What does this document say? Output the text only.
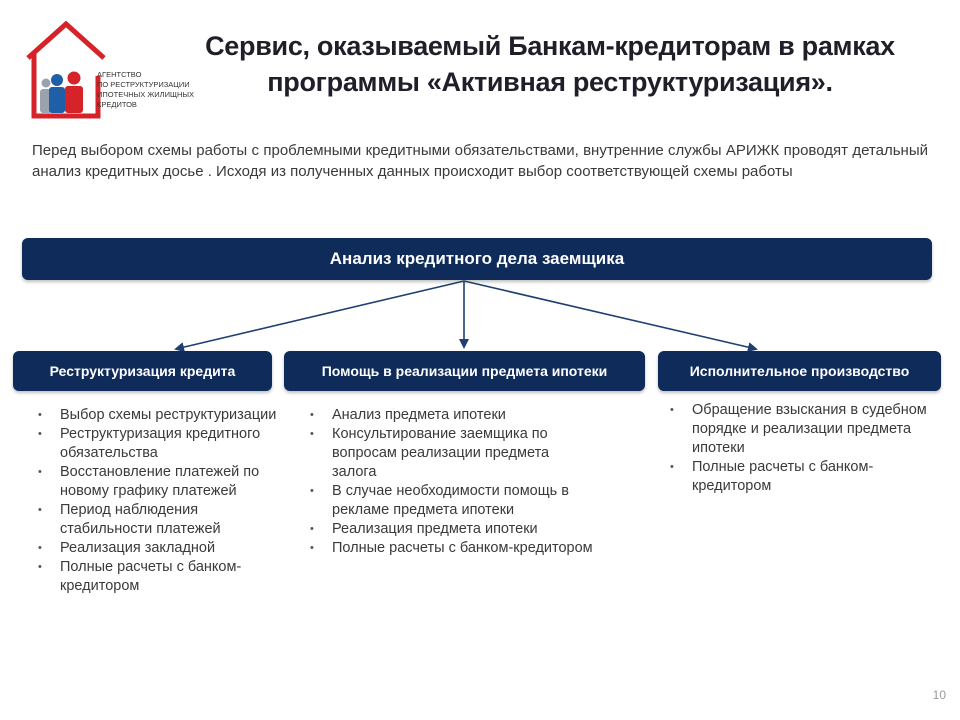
АГЕНТСТВО
ПО РЕСТРУКТУРИЗАЦИИ
ИПОТЕЧНЫХ ЖИЛИЩНЫХ
КРЕДИТОВ
Сервис, оказываемый Банкам-кредиторам в рамках
программы «Активная реструктуризация».
Перед выбором схемы работы с проблемными кредитными обязательствами, внутренние службы АРИЖК проводят детальный анализ кредитных досье . Исходя из полученных данных происходит выбор соответствующей схемы работы
Анализ кредитного дела заемщика
Реструктуризация кредита	Помощь в реализации предмета ипотеки	Исполнительное производство
• Выбор схемы реструктуризации
• Реструктуризация кредитного обязательства
• Восстановление платежей по новому графику платежей
• Период наблюдения стабильности платежей
• Реализация закладной
• Полные расчеты с банком-кредитором
• Анализ предмета ипотеки
• Консультирование заемщика по вопросам реализации предмета залога
• В случае необходимости помощь в рекламе предмета ипотеки
• Реализация предмета ипотеки
• Полные расчеты с банком-кредитором
• Обращение взыскания в судебном порядке и реализации предмета ипотеки
• Полные расчеты с банком-кредитором
10
